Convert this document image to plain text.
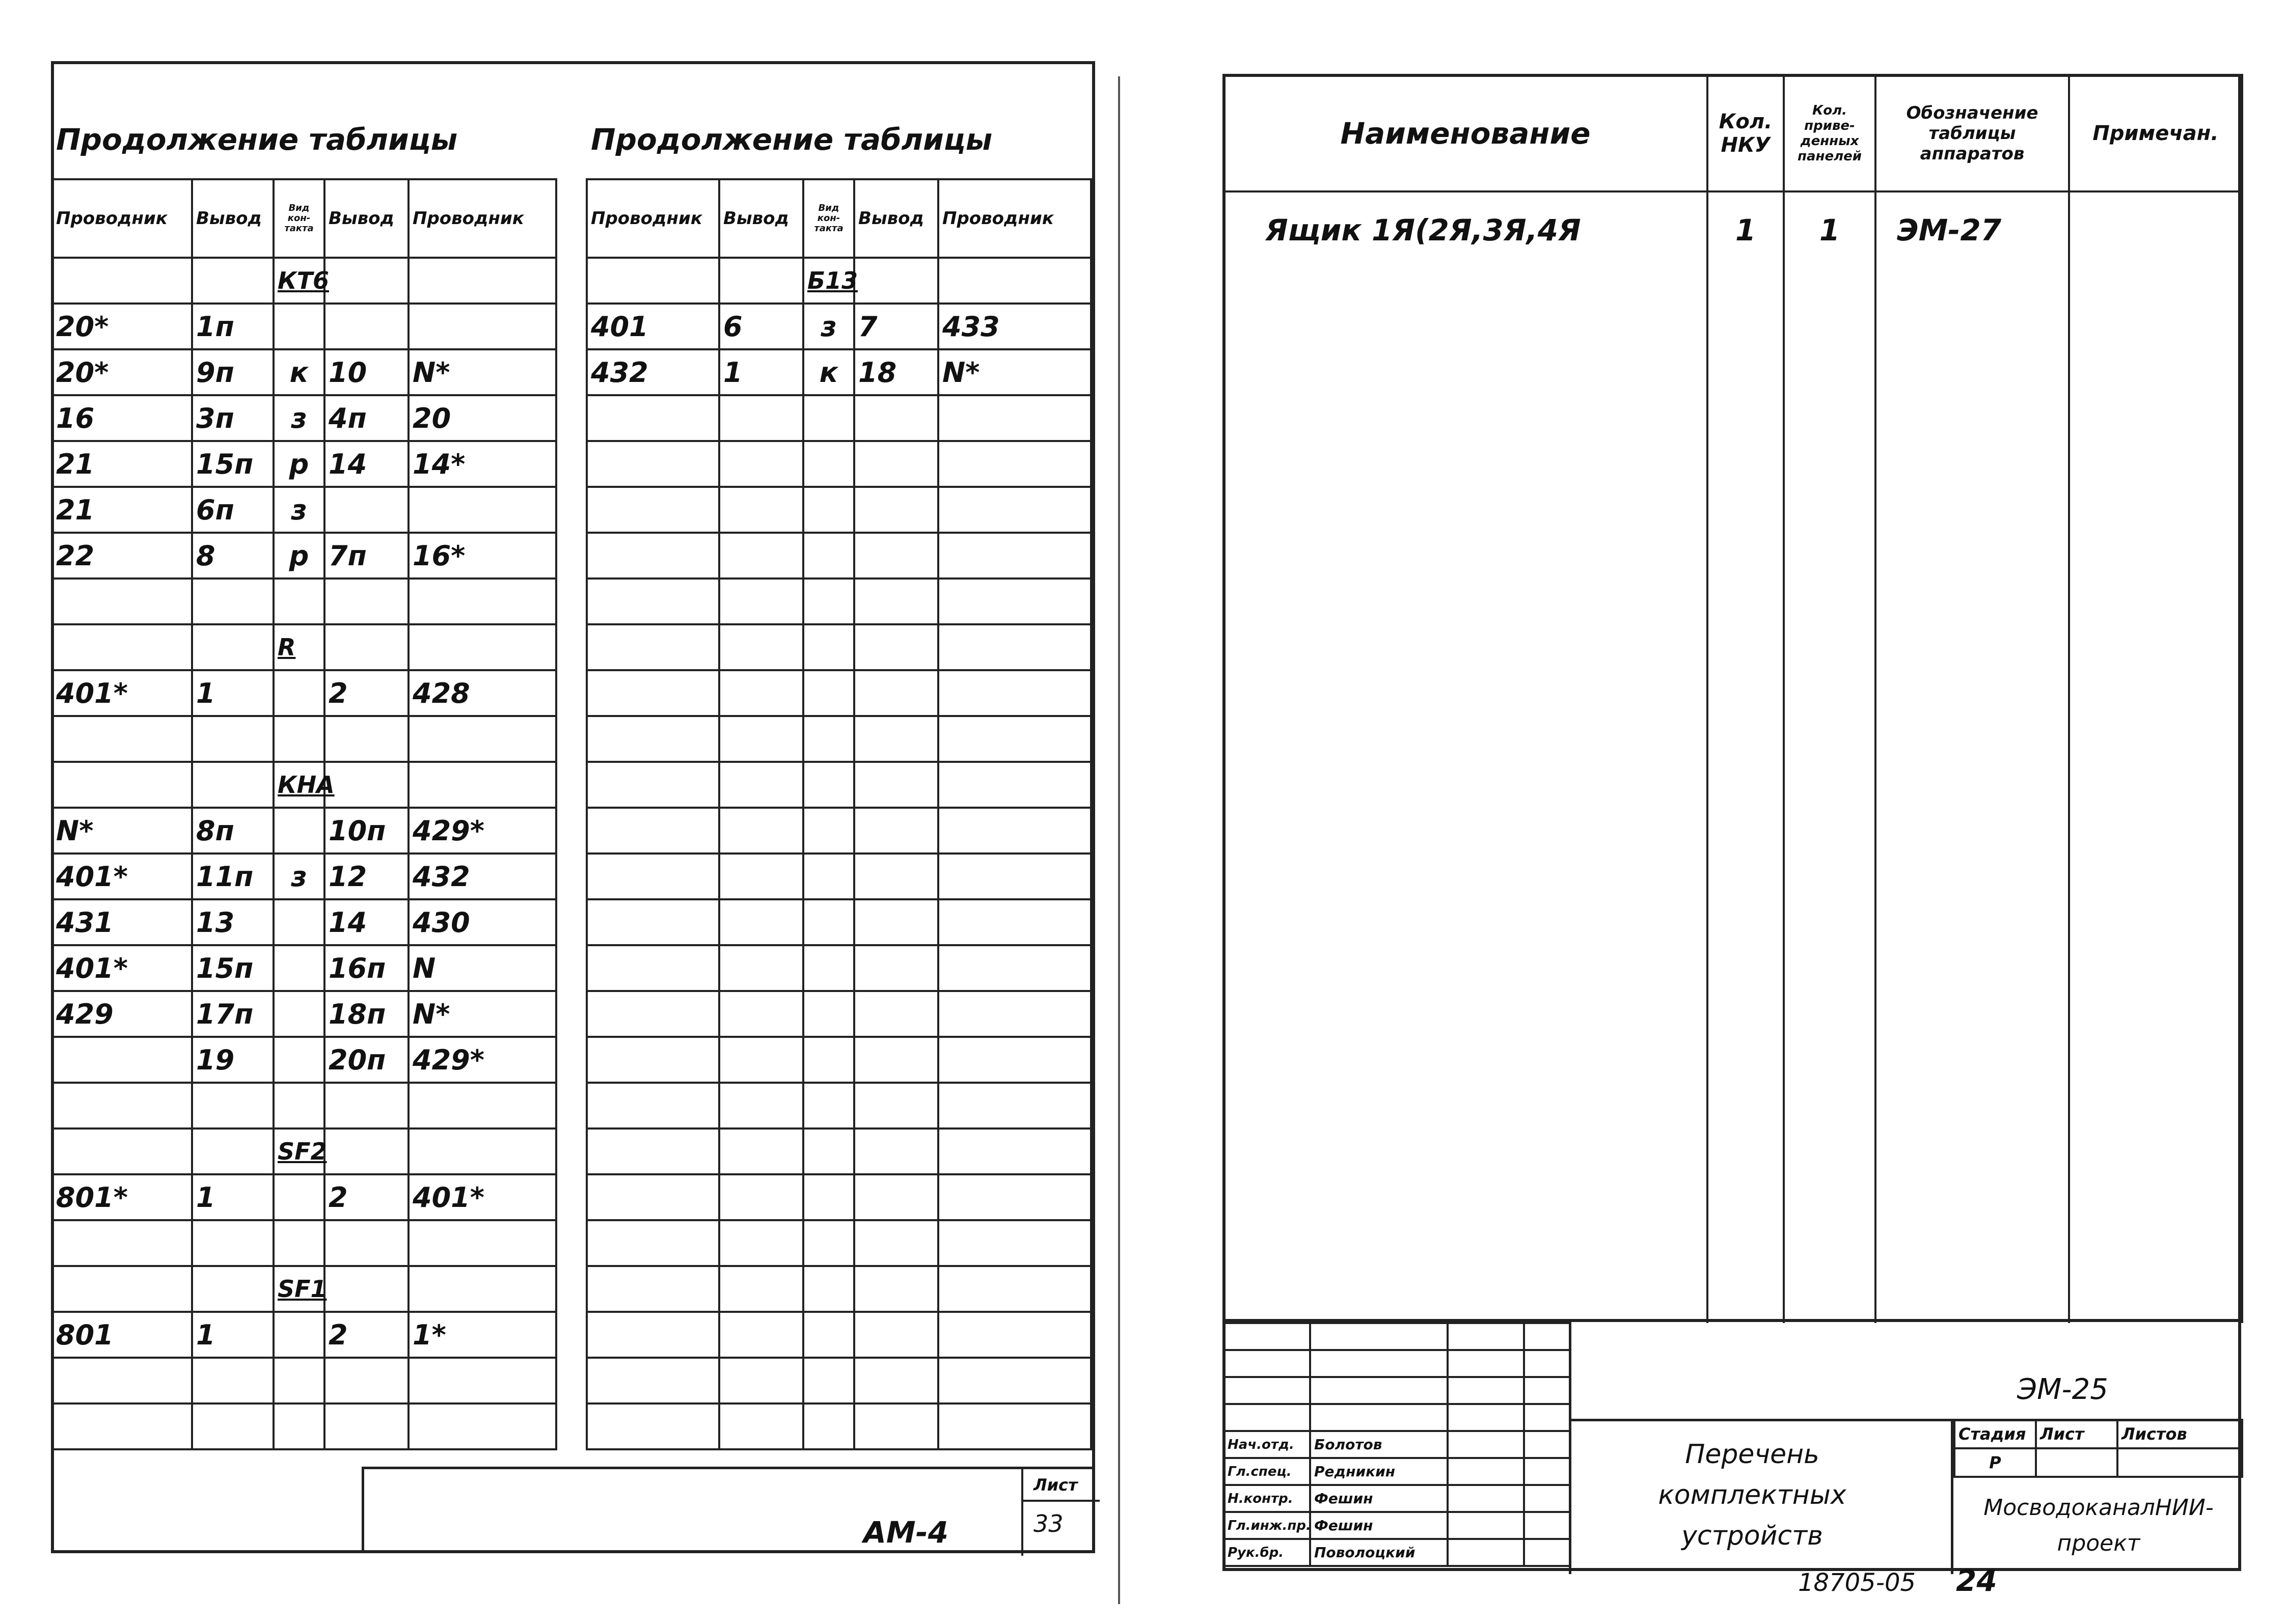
Продолжение таблицы	Продолжение таблицы
Проводник	Вывод	Вид кон-такта	Вывод	Проводник
		КТ6		
20*	1п			
20*	9п	к	10	N*
16	3п	з	4п	20
21	15п	р	14	14*
21	6п	з		
22	8	р	7п	16*

		R		
401*	1		2	428

		КНА		
N*	8п		10п	429*
401*	11п	з	12	432
431	13		14	430
401*	15п		16п	N
429	17п		18п	N*
	19		20п	429*

		SF2		
801*	1		2	401*

		SF1		
801	1		2	1*

Проводник	Вывод	Вид кон-такта	Вывод	Проводник
		Б13		
401	6	з	7	433
432	1	к	18	N*

АМ-4
Лист
33
Наименование	Кол. НКУ	Кол. приве-денных панелей	Обозначение таблицы аппаратов	Примечан.
Ящик 1Я(2Я,3Я,4Я	1	1	ЭМ-27	

Нач.отд.	Болотов		
Гл.спец.	Редникин		
Н.контр.	Фешин		
Гл.инж.пр.	Фешин		
Рук.бр.	Поволоцкий		
ЭМ-25
Перечень
комплектных
устройств
Стадия	Лист	Листов
Р		
МосводоканалНИИ-
проект
18705-05 24
